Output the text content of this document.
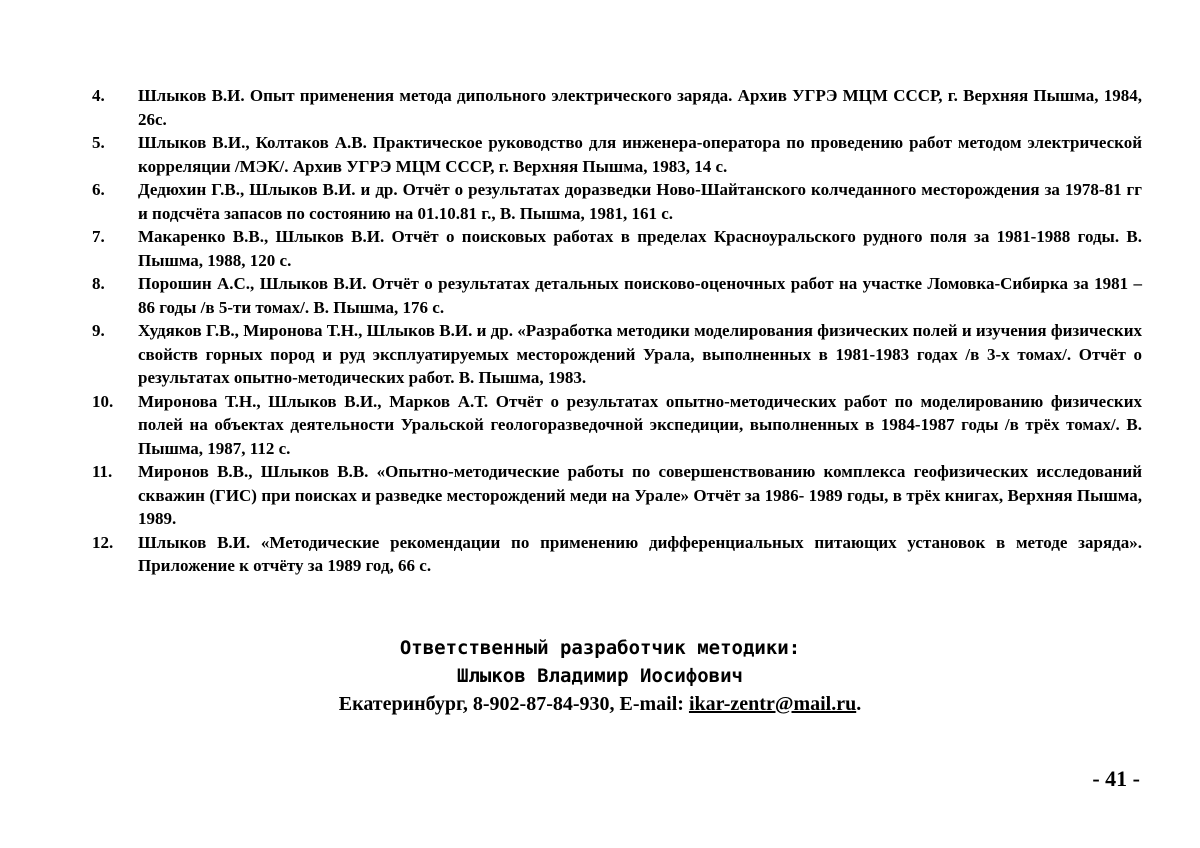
4.	Шлыков В.И. Опыт применения метода дипольного электрического заряда. Архив УГРЭ МЦМ СССР, г. Верхняя Пышма, 1984, 26с.
5.	Шлыков В.И., Колтаков А.В. Практическое руководство для инженера-оператора по проведению работ методом электрической корреляции /МЭК/. Архив УГРЭ МЦМ СССР, г. Верхняя Пышма, 1983, 14 с.
6.	Дедюхин Г.В., Шлыков В.И. и др. Отчёт о результатах доразведки Ново-Шайтанского колчеданного месторождения за 1978-81 гг и подсчёта запасов по состоянию на 01.10.81 г., В. Пышма, 1981, 161 с.
7.	Макаренко В.В., Шлыков В.И. Отчёт о поисковых работах в пределах Красноуральского рудного поля за 1981-1988 годы. В. Пышма, 1988, 120 с.
8.	Порошин А.С., Шлыков В.И. Отчёт о результатах детальных поисково-оценочных работ на участке Ломовка-Сибирка за 1981 – 86 годы /в 5-ти томах/. В. Пышма, 176 с.
9.	Худяков Г.В., Миронова Т.Н., Шлыков В.И. и др. «Разработка методики моделирования физических полей и изучения физических свойств горных пород и руд эксплуатируемых месторождений Урала, выполненных в 1981-1983 годах /в 3-х томах/. Отчёт о результатах опытно-методических работ. В. Пышма, 1983.
10.	Миронова Т.Н., Шлыков В.И., Марков А.Т. Отчёт о результатах опытно-методических работ по моделированию физических полей на объектах деятельности Уральской геологоразведочной экспедиции, выполненных в 1984-1987 годы /в трёх томах/. В. Пышма, 1987, 112 с.
11.	Миронов В.В., Шлыков В.В. «Опытно-методические работы по совершенствованию комплекса геофизических исследований скважин (ГИС) при поисках и разведке месторождений меди на Урале» Отчёт за 1986- 1989 годы, в трёх книгах, Верхняя Пышма, 1989.
12.	Шлыков В.И. «Методические рекомендации по применению дифференциальных питающих установок в методе заряда». Приложение к отчёту за 1989 год, 66 с.
Ответственный разработчик методики:
Шлыков Владимир Иосифович
Екатеринбург, 8-902-87-84-930, E-mail: ikar-zentr@mail.ru.
- 41 -
